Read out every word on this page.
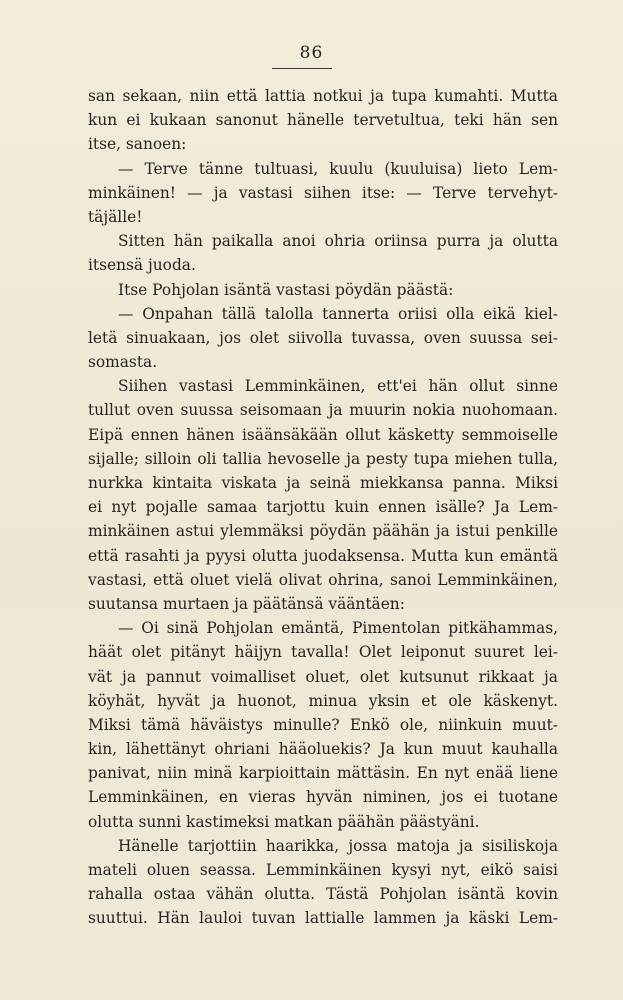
86
san sekaan, niin että lattia notkui ja tupa kumahti. Mutta
kun ei kukaan sanonut hänelle tervetultua, teki hän sen
itse, sanoen:
— Terve tänne tultuasi, kuulu (kuuluisa) lieto Lem-
minkäinen! — ja vastasi siihen itse: — Terve tervehyt-
täjälle!
Sitten hän paikalla anoi ohria oriinsa purra ja olutta
itsensä juoda.
Itse Pohjolan isäntä vastasi pöydän päästä:
— Onpahan tällä talolla tannerta oriisi olla eikä kiel-
letä sinuakaan, jos olet siivolla tuvassa, oven suussa sei-
somasta.
Siihen vastasi Lemminkäinen, ett'ei hän ollut sinne
tullut oven suussa seisomaan ja muurin nokia nuohomaan.
Eipä ennen hänen isäänsäkään ollut käsketty semmoiselle
sijalle; silloin oli tallia hevoselle ja pesty tupa miehen tulla,
nurkka kintaita viskata ja seinä miekkansa panna. Miksi
ei nyt pojalle samaa tarjottu kuin ennen isälle? Ja Lem-
minkäinen astui ylemmäksi pöydän päähän ja istui penkille
että rasahti ja pyysi olutta juodaksensa. Mutta kun emäntä
vastasi, että oluet vielä olivat ohrina, sanoi Lemminkäinen,
suutansa murtaen ja päätänsä vääntäen:
— Oi sinä Pohjolan emäntä, Pimentolan pitkähammas,
häät olet pitänyt häijyn tavalla! Olet leiponut suuret lei-
vät ja pannut voimalliset oluet, olet kutsunut rikkaat ja
köyhät, hyvät ja huonot, minua yksin et ole käskenyt.
Miksi tämä häväistys minulle? Enkö ole, niinkuin muut-
kin, lähettänyt ohriani hääoluekis? Ja kun muut kauhalla
panivat, niin minä karpioittain mättäsin. En nyt enää liene
Lemminkäinen, en vieras hyvän niminen, jos ei tuotane
olutta sunni kastimeksi matkan päähän päästyäni.
Hänelle tarjottiin haarikka, jossa matoja ja sisiliskoja
mateli oluen seassa. Lemminkäinen kysyi nyt, eikö saisi
rahalla ostaa vähän olutta. Tästä Pohjolan isäntä kovin
suuttui. Hän lauloi tuvan lattialle lammen ja käski Lem-
